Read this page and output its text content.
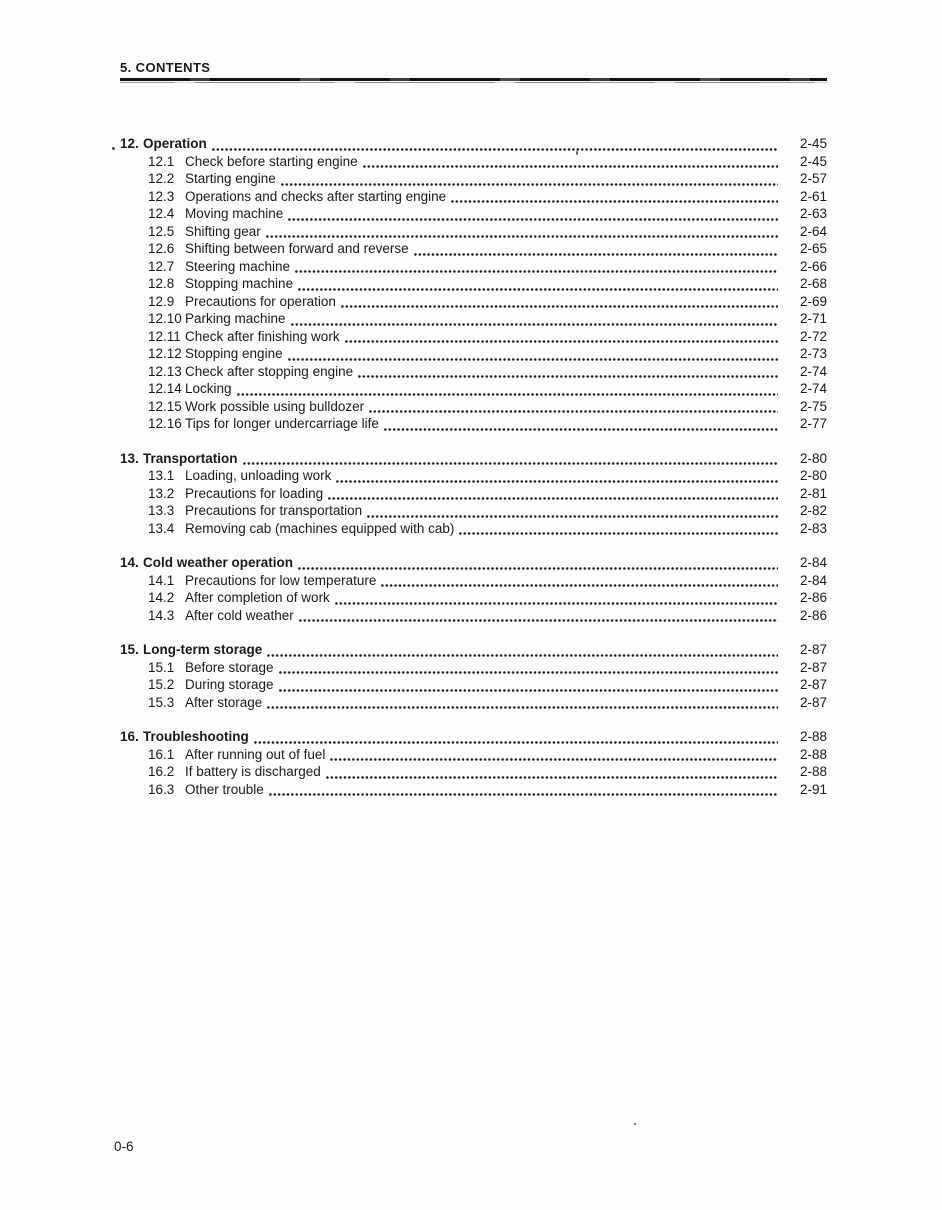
5. CONTENTS
12. Operation	2-45
12.1 Check before starting engine	2-45
12.2 Starting engine	2-57
12.3 Operations and checks after starting engine	2-61
12.4 Moving machine	2-63
12.5 Shifting gear	2-64
12.6 Shifting between forward and reverse	2-65
12.7 Steering machine	2-66
12.8 Stopping machine	2-68
12.9 Precautions for operation	2-69
12.10 Parking machine	2-71
12.11 Check after finishing work	2-72
12.12 Stopping engine	2-73
12.13 Check after stopping engine	2-74
12.14 Locking	2-74
12.15 Work possible using bulldozer	2-75
12.16 Tips for longer undercarriage life	2-77
13. Transportation	2-80
13.1 Loading, unloading work	2-80
13.2 Precautions for loading	2-81
13.3 Precautions for transportation	2-82
13.4 Removing cab (machines equipped with cab)	2-83
14. Cold weather operation	2-84
14.1 Precautions for low temperature	2-84
14.2 After completion of work	2-86
14.3 After cold weather	2-86
15. Long-term storage	2-87
15.1 Before storage	2-87
15.2 During storage	2-87
15.3 After storage	2-87
16. Troubleshooting	2-88
16.1 After running out of fuel	2-88
16.2 If battery is discharged	2-88
16.3 Other trouble	2-91
0-6
